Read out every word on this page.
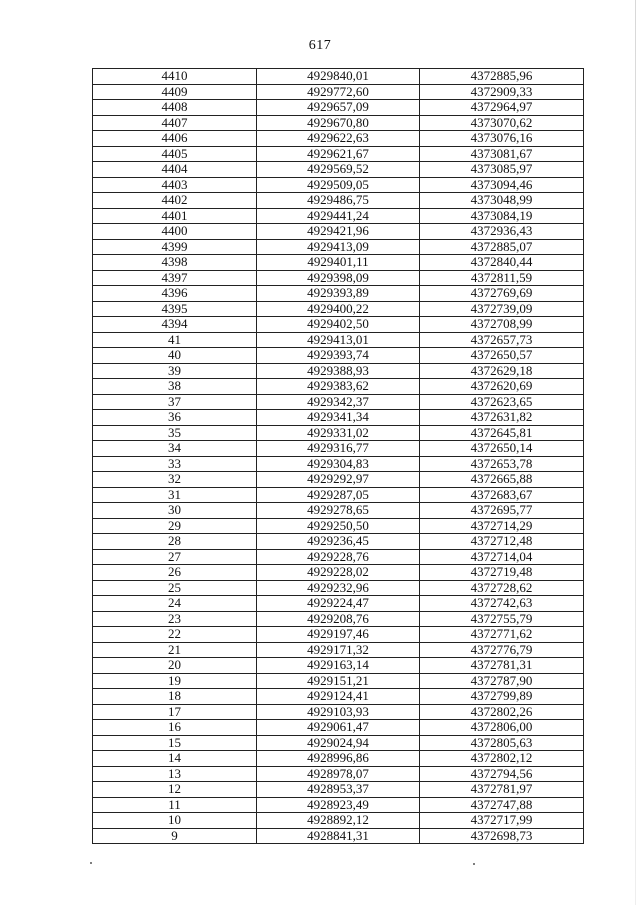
617
4410	4929840,01	4372885,96
4409	4929772,60	4372909,33
4408	4929657,09	4372964,97
4407	4929670,80	4373070,62
4406	4929622,63	4373076,16
4405	4929621,67	4373081,67
4404	4929569,52	4373085,97
4403	4929509,05	4373094,46
4402	4929486,75	4373048,99
4401	4929441,24	4373084,19
4400	4929421,96	4372936,43
4399	4929413,09	4372885,07
4398	4929401,11	4372840,44
4397	4929398,09	4372811,59
4396	4929393,89	4372769,69
4395	4929400,22	4372739,09
4394	4929402,50	4372708,99
41	4929413,01	4372657,73
40	4929393,74	4372650,57
39	4929388,93	4372629,18
38	4929383,62	4372620,69
37	4929342,37	4372623,65
36	4929341,34	4372631,82
35	4929331,02	4372645,81
34	4929316,77	4372650,14
33	4929304,83	4372653,78
32	4929292,97	4372665,88
31	4929287,05	4372683,67
30	4929278,65	4372695,77
29	4929250,50	4372714,29
28	4929236,45	4372712,48
27	4929228,76	4372714,04
26	4929228,02	4372719,48
25	4929232,96	4372728,62
24	4929224,47	4372742,63
23	4929208,76	4372755,79
22	4929197,46	4372771,62
21	4929171,32	4372776,79
20	4929163,14	4372781,31
19	4929151,21	4372787,90
18	4929124,41	4372799,89
17	4929103,93	4372802,26
16	4929061,47	4372806,00
15	4929024,94	4372805,63
14	4928996,86	4372802,12
13	4928978,07	4372794,56
12	4928953,37	4372781,97
11	4928923,49	4372747,88
10	4928892,12	4372717,99
9	4928841,31	4372698,73
